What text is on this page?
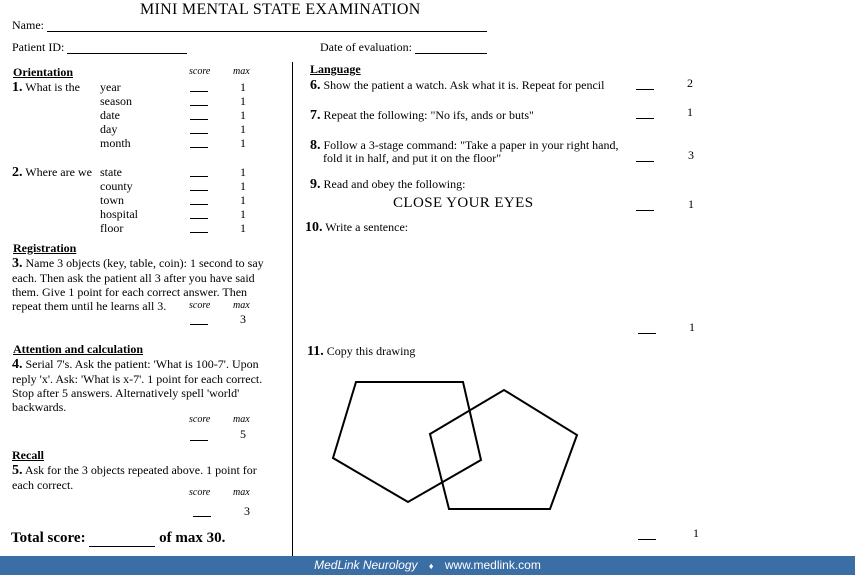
MINI MENTAL STATE EXAMINATION
Name:
Patient ID:	Date of evaluation:
Orientation	score max
1. What is the year	1
season	1
date	1
day	1
month	1
2. Where are we state	1
county	1
town	1
hospital	1
floor	1
Registration
3. Name 3 objects (key, table, coin): 1 second to say each. Then ask the patient all 3 after you have said them. Give 1 point for each correct answer. Then repeat them until he learns all 3.	score max
3
Attention and calculation
4. Serial 7's. Ask the patient: 'What is 100-7'. Upon reply 'x'. Ask: 'What is x-7'. 1 point for each correct. Stop after 5 answers. Alternatively spell 'world' backwards.
score max
5
Recall
5. Ask for the 3 objects repeated above. 1 point for each correct.
score max
3
Total score:	of max 30.
Language
6. Show the patient a watch. Ask what it is. Repeat for pencil	2
7. Repeat the following: "No ifs, ands or buts"	1
8. Follow a 3-stage command: "Take a paper in your right hand,
fold it in half, and put it on the floor"	3
9. Read and obey the following:
CLOSE YOUR EYES	1
10. Write a sentence:
1
11. Copy this drawing
1
MedLink Neurology ♦ www.medlink.com
